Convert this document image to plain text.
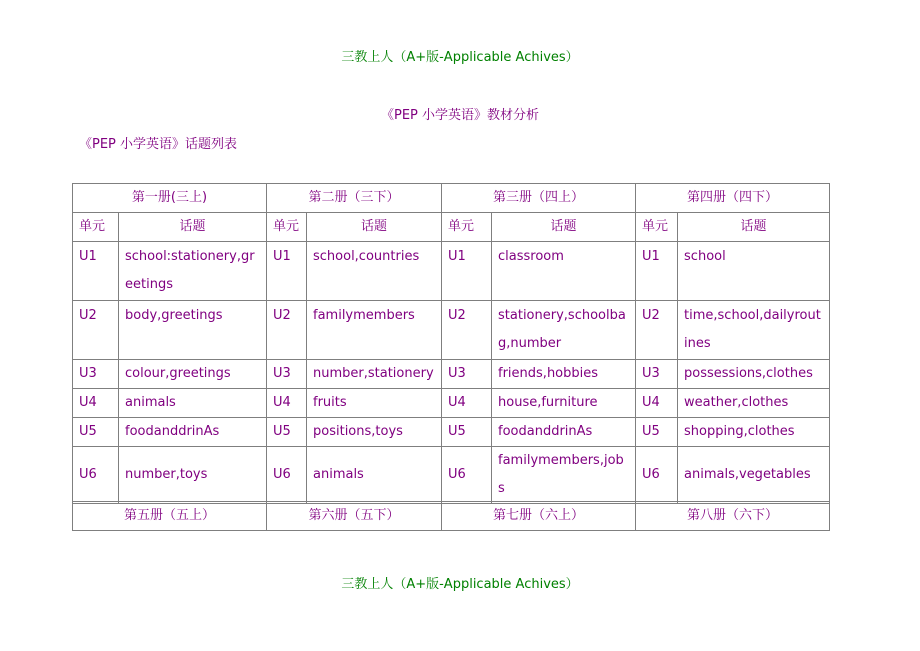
三教上人（A+版-Applicable Achives）
《PEP 小学英语》教材分析
《PEP 小学英语》话题列表
第一册(三上)		第二册（三下）		第三册（四上）		第四册（四下）	
单元	话题	单元	话题	单元	话题	单元	话题
U1	school:stationery,greetings	U1	school,countries	U1	classroom	U1	school
U2	body,greetings	U2	familymembers	U2	stationery,schoolbag,number	U2	time,school,dailyroutines
U3	colour,greetings	U3	number,stationery	U3	friends,hobbies	U3	possessions,clothes
U4	animals	U4	fruits	U4	house,furniture	U4	weather,clothes
U5	foodanddrinAs	U5	positions,toys	U5	foodanddrinAs	U5	shopping,clothes
U6	number,toys	U6	animals	U6	familymembers,jobs	U6	animals,vegetables
第五册（五上）	第六册（五下）	第七册（六上）	第八册（六下）
三教上人（A+版-Applicable Achives）
